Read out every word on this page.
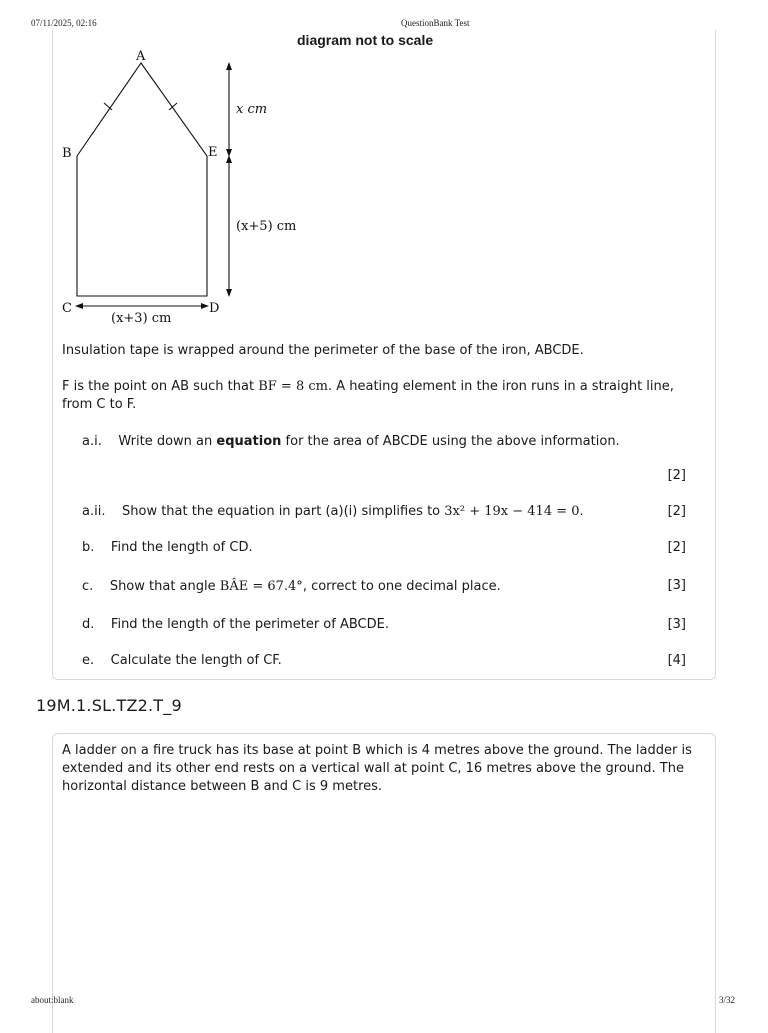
07/11/2025, 02:16	QuestionBank Test
diagram not to scale
A
B
C	D
E
x cm
(x+5) cm
(x+3) cm
Insulation tape is wrapped around the perimeter of the base of the iron, ABCDE.
F is the point on AB such that BF = 8 cm. A heating element in the iron runs in a straight line, from C to F.
a.i. Write down an equation for the area of ABCDE using the above information.
[2]
a.ii. Show that the equation in part (a)(i) simplifies to 3x² + 19x − 414 = 0.	[2]
b. Find the length of CD.	[2]
c. Show that angle BÂE = 67.4°, correct to one decimal place.	[3]
d. Find the length of the perimeter of ABCDE.	[3]
e. Calculate the length of CF.	[4]
19M.1.SL.TZ2.T_9
A ladder on a fire truck has its base at point B which is 4 metres above the ground. The ladder is extended and its other end rests on a vertical wall at point C, 16 metres above the ground. The horizontal distance between B and C is 9 metres.
about:blank	3/32
